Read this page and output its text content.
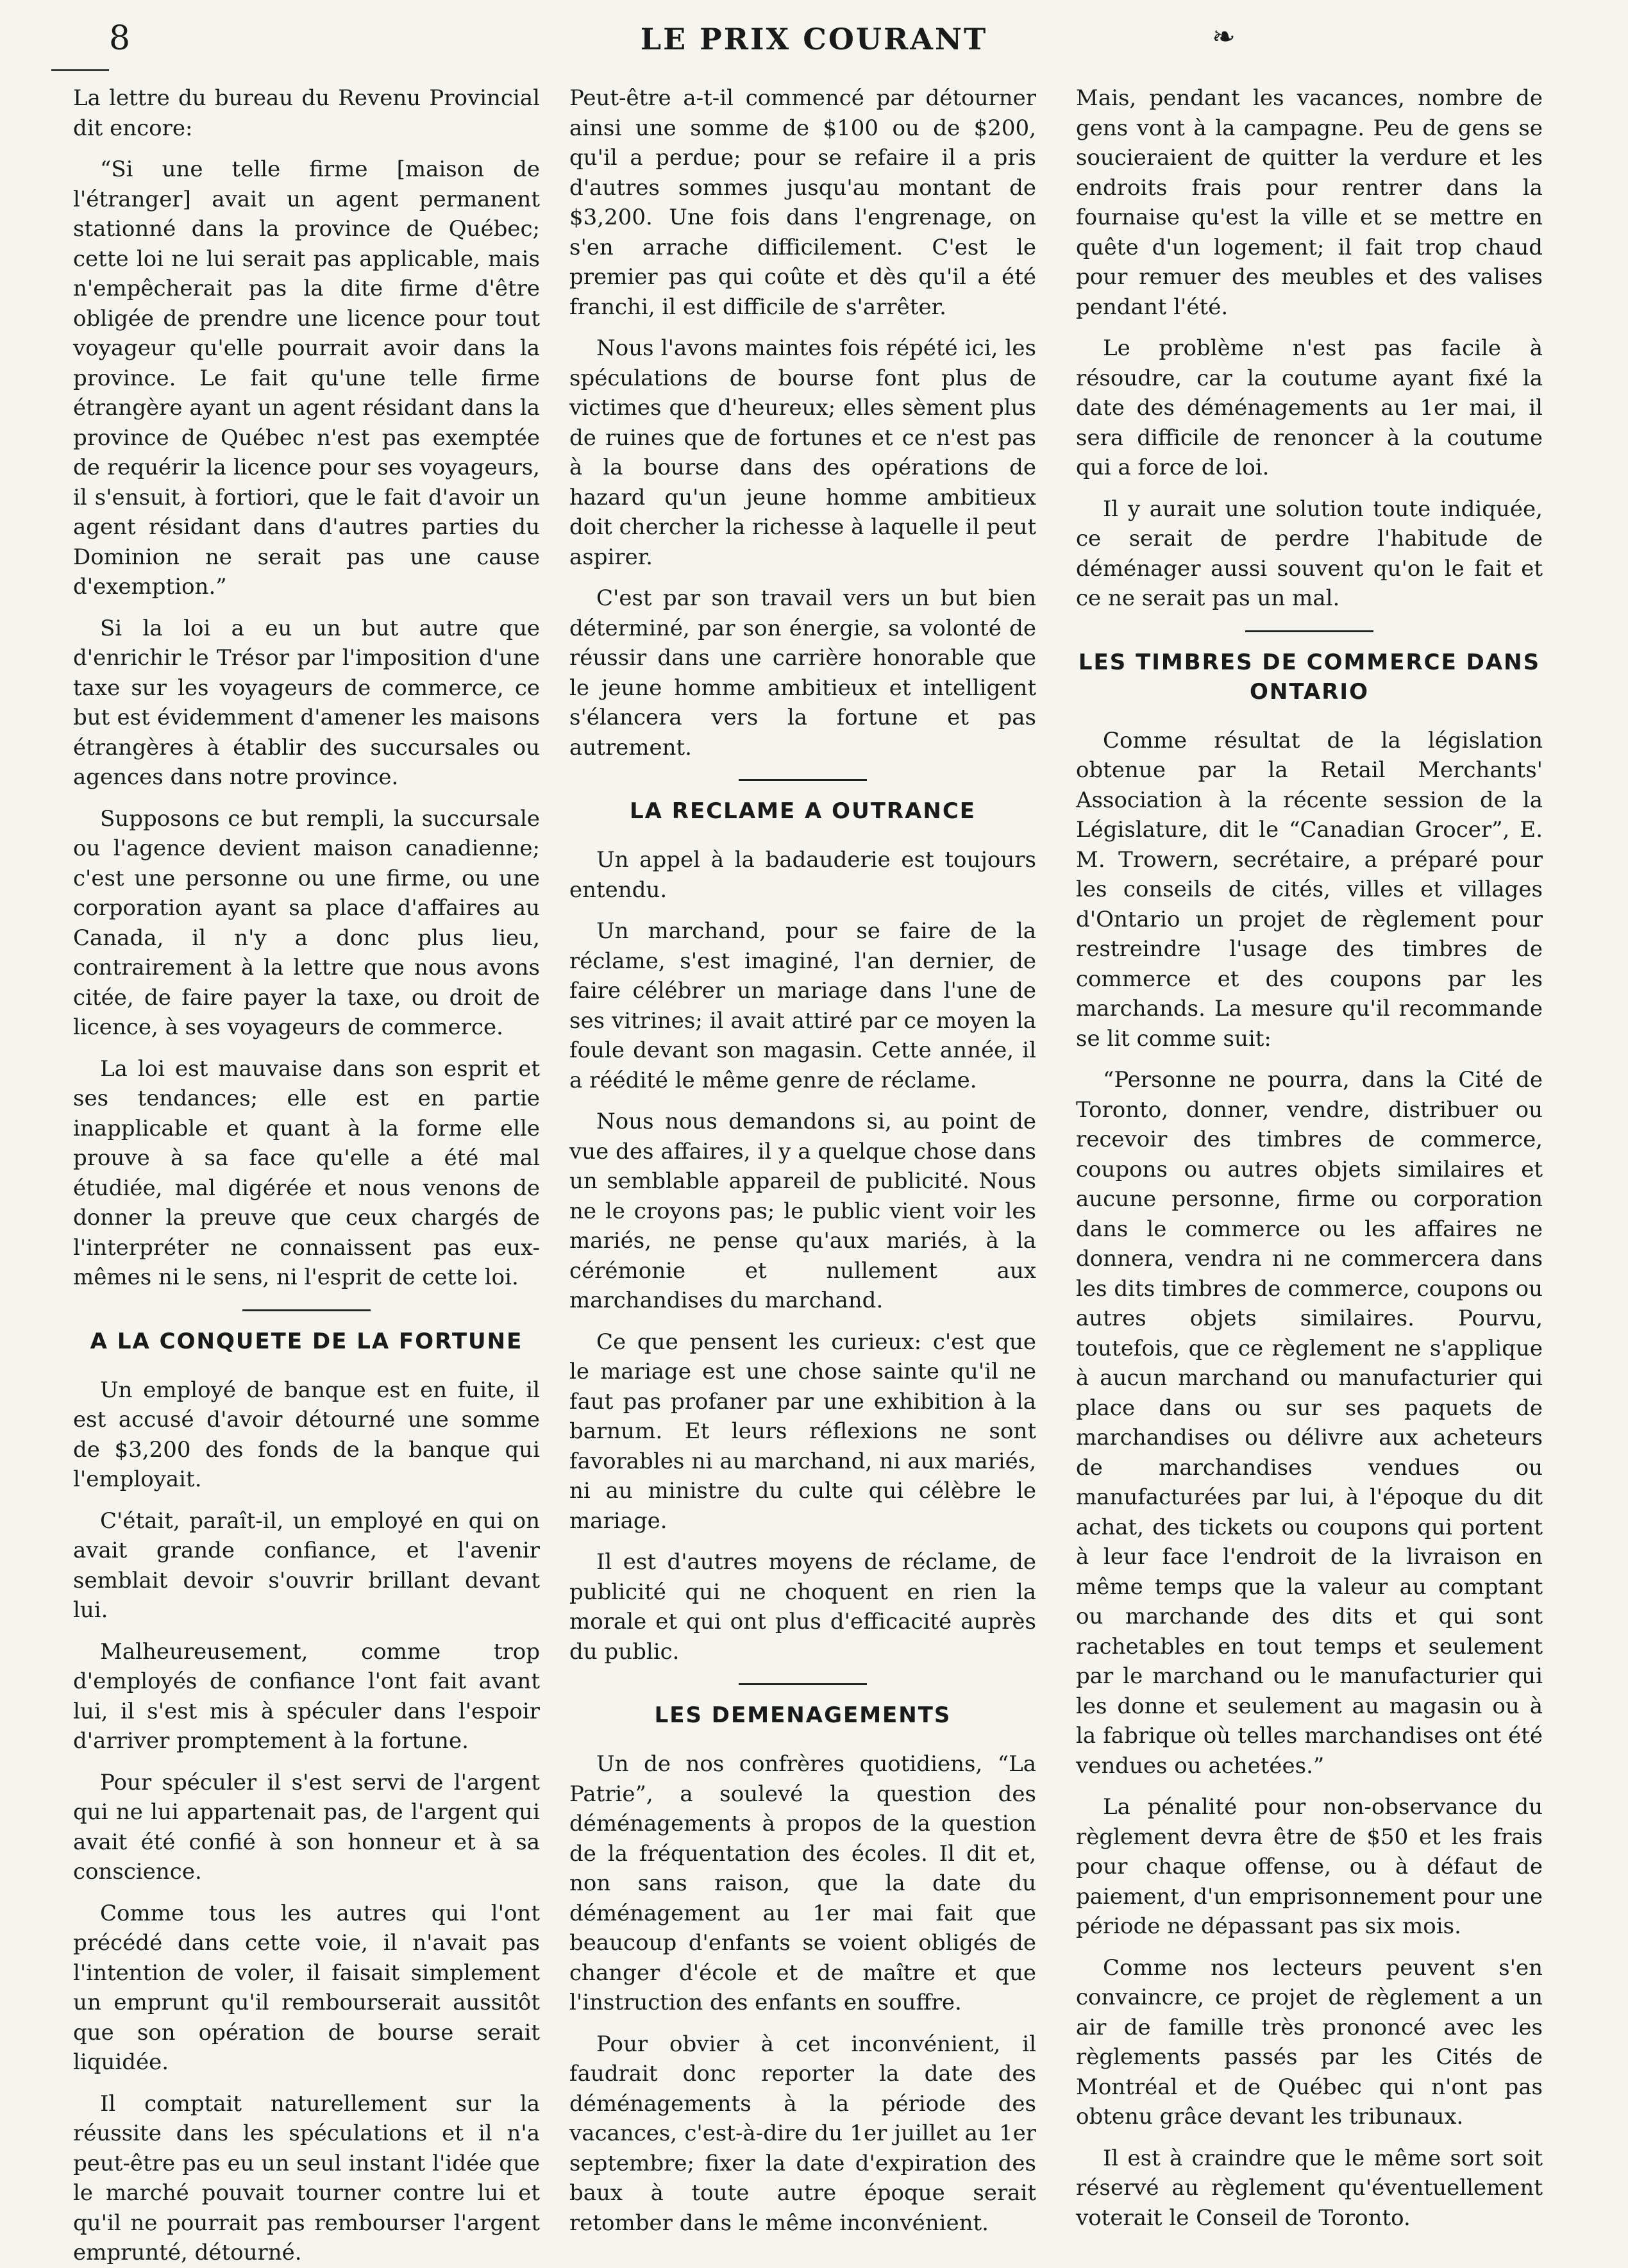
8	LE PRIX COURANT	❧

La lettre du bureau du Revenu Provincial dit encore:

“Si une telle firme [maison de l'étranger] avait un agent permanent stationné dans la province de Québec; cette loi ne lui serait pas applicable, mais n'empêcherait pas la dite firme d'être obligée de prendre une licence pour tout voyageur qu'elle pourrait avoir dans la province. Le fait qu'une telle firme étrangère ayant un agent résidant dans la province de Québec n'est pas exemptée de requérir la licence pour ses voyageurs, il s'ensuit, à fortiori, que le fait d'avoir un agent résidant dans d'autres parties du Dominion ne serait pas une cause d'exemption.”

Si la loi a eu un but autre que d'enrichir le Trésor par l'imposition d'une taxe sur les voyageurs de commerce, ce but est évidemment d'amener les maisons étrangères à établir des succursales ou agences dans notre province.

Supposons ce but rempli, la succursale ou l'agence devient maison canadienne; c'est une personne ou une firme, ou une corporation ayant sa place d'affaires au Canada, il n'y a donc plus lieu, contrairement à la lettre que nous avons citée, de faire payer la taxe, ou droit de licence, à ses voyageurs de commerce.

La loi est mauvaise dans son esprit et ses tendances; elle est en partie inapplicable et quant à la forme elle prouve à sa face qu'elle a été mal étudiée, mal digérée et nous venons de donner la preuve que ceux chargés de l'interpréter ne connaissent pas eux-mêmes ni le sens, ni l'esprit de cette loi.

A LA CONQUETE DE LA FORTUNE

Un employé de banque est en fuite, il est accusé d'avoir détourné une somme de $3,200 des fonds de la banque qui l'employait.

C'était, paraît-il, un employé en qui on avait grande confiance, et l'avenir semblait devoir s'ouvrir brillant devant lui.

Malheureusement, comme trop d'employés de confiance l'ont fait avant lui, il s'est mis à spéculer dans l'espoir d'arriver promptement à la fortune.

Pour spéculer il s'est servi de l'argent qui ne lui appartenait pas, de l'argent qui avait été confié à son honneur et à sa conscience.

Comme tous les autres qui l'ont précédé dans cette voie, il n'avait pas l'intention de voler, il faisait simplement un emprunt qu'il rembourserait aussitôt que son opération de bourse serait liquidée.

Il comptait naturellement sur la réussite dans les spéculations et il n'a peut-être pas eu un seul instant l'idée que le marché pouvait tourner contre lui et qu'il ne pourrait pas rembourser l'argent emprunté, détourné.

Peut-être a-t-il commencé par détourner ainsi une somme de $100 ou de $200, qu'il a perdue; pour se refaire il a pris d'autres sommes jusqu'au montant de $3,200. Une fois dans l'engrenage, on s'en arrache difficilement. C'est le premier pas qui coûte et dès qu'il a été franchi, il est difficile de s'arrêter.

Nous l'avons maintes fois répété ici, les spéculations de bourse font plus de victimes que d'heureux; elles sèment plus de ruines que de fortunes et ce n'est pas à la bourse dans des opérations de hazard qu'un jeune homme ambitieux doit chercher la richesse à laquelle il peut aspirer.

C'est par son travail vers un but bien déterminé, par son énergie, sa volonté de réussir dans une carrière honorable que le jeune homme ambitieux et intelligent s'élancera vers la fortune et pas autrement.

LA RECLAME A OUTRANCE

Un appel à la badauderie est toujours entendu.

Un marchand, pour se faire de la réclame, s'est imaginé, l'an dernier, de faire célébrer un mariage dans l'une de ses vitrines; il avait attiré par ce moyen la foule devant son magasin. Cette année, il a réédité le même genre de réclame.

Nous nous demandons si, au point de vue des affaires, il y a quelque chose dans un semblable appareil de publicité. Nous ne le croyons pas; le public vient voir les mariés, ne pense qu'aux mariés, à la cérémonie et nullement aux marchandises du marchand.

Ce que pensent les curieux: c'est que le mariage est une chose sainte qu'il ne faut pas profaner par une exhibition à la barnum. Et leurs réflexions ne sont favorables ni au marchand, ni aux mariés, ni au ministre du culte qui célèbre le mariage.

Il est d'autres moyens de réclame, de publicité qui ne choquent en rien la morale et qui ont plus d'efficacité auprès du public.

LES DEMENAGEMENTS

Un de nos confrères quotidiens, “La Patrie”, a soulevé la question des déménagements à propos de la question de la fréquentation des écoles. Il dit et, non sans raison, que la date du déménagement au 1er mai fait que beaucoup d'enfants se voient obligés de changer d'école et de maître et que l'instruction des enfants en souffre.

Pour obvier à cet inconvénient, il faudrait donc reporter la date des déménagements à la période des vacances, c'est-à-dire du 1er juillet au 1er septembre; fixer la date d'expiration des baux à toute autre époque serait retomber dans le même inconvénient.

Mais, pendant les vacances, nombre de gens vont à la campagne. Peu de gens se soucieraient de quitter la verdure et les endroits frais pour rentrer dans la fournaise qu'est la ville et se mettre en quête d'un logement; il fait trop chaud pour remuer des meubles et des valises pendant l'été.

Le problème n'est pas facile à résoudre, car la coutume ayant fixé la date des déménagements au 1er mai, il sera difficile de renoncer à la coutume qui a force de loi.

Il y aurait une solution toute indiquée, ce serait de perdre l'habitude de déménager aussi souvent qu'on le fait et ce ne serait pas un mal.

LES TIMBRES DE COMMERCE DANS ONTARIO

Comme résultat de la législation obtenue par la Retail Merchants' Association à la récente session de la Législature, dit le “Canadian Grocer”, E. M. Trowern, secrétaire, a préparé pour les conseils de cités, villes et villages d'Ontario un projet de règlement pour restreindre l'usage des timbres de commerce et des coupons par les marchands. La mesure qu'il recommande se lit comme suit:

“Personne ne pourra, dans la Cité de Toronto, donner, vendre, distribuer ou recevoir des timbres de commerce, coupons ou autres objets similaires et aucune personne, firme ou corporation dans le commerce ou les affaires ne donnera, vendra ni ne commercera dans les dits timbres de commerce, coupons ou autres objets similaires. Pourvu, toutefois, que ce règlement ne s'applique à aucun marchand ou manufacturier qui place dans ou sur ses paquets de marchandises ou délivre aux acheteurs de marchandises vendues ou manufacturées par lui, à l'époque du dit achat, des tickets ou coupons qui portent à leur face l'endroit de la livraison en même temps que la valeur au comptant ou marchande des dits et qui sont rachetables en tout temps et seulement par le marchand ou le manufacturier qui les donne et seulement au magasin ou à la fabrique où telles marchandises ont été vendues ou achetées.”

La pénalité pour non-observance du règlement devra être de $50 et les frais pour chaque offense, ou à défaut de paiement, d'un emprisonnement pour une période ne dépassant pas six mois.

Comme nos lecteurs peuvent s'en convaincre, ce projet de règlement a un air de famille très prononcé avec les règlements passés par les Cités de Montréal et de Québec qui n'ont pas obtenu grâce devant les tribunaux.

Il est à craindre que le même sort soit réservé au règlement qu'éventuellement voterait le Conseil de Toronto.
